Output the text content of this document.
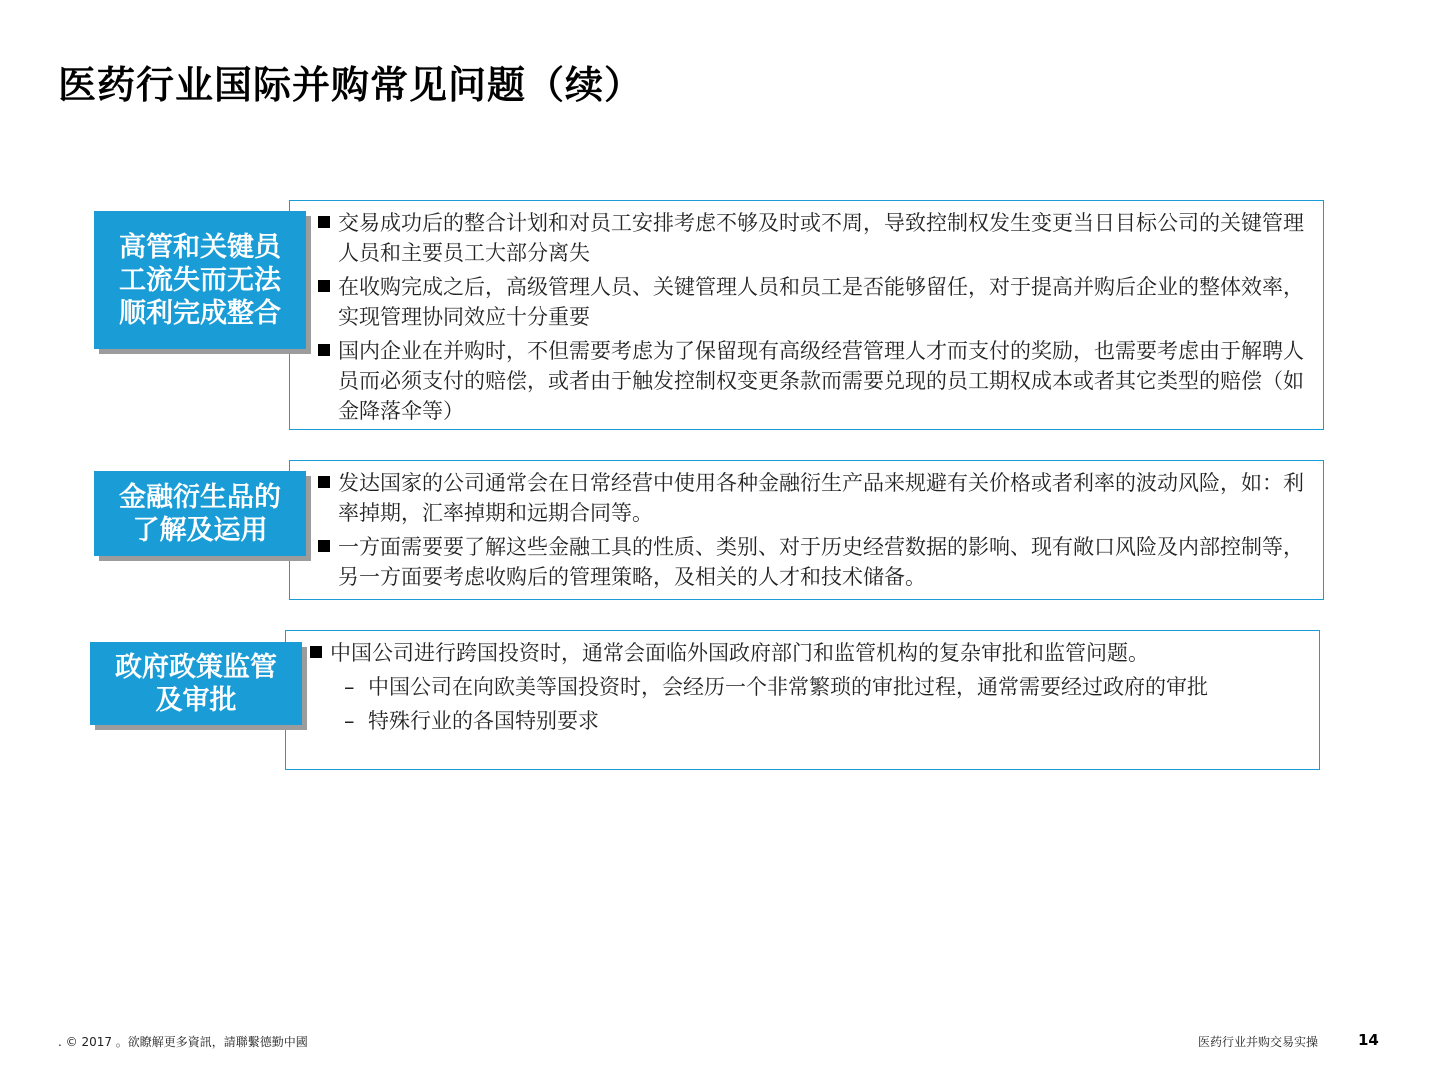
医药行业国际并购常见问题（续）
高管和关键员
工流失而无法
顺利完成整合
交易成功后的整合计划和对员工安排考虑不够及时或不周，导致控制权发生变更当日目标公司的关键管理人员和主要员工大部分离失
在收购完成之后，高级管理人员、关键管理人员和员工是否能够留任，对于提高并购后企业的整体效率，实现管理协同效应十分重要
国内企业在并购时，不但需要考虑为了保留现有高级经营管理人才而支付的奖励，也需要考虑由于解聘人员而必须支付的赔偿，或者由于触发控制权变更条款而需要兑现的员工期权成本或者其它类型的赔偿（如金降落伞等）
金融衍生品的
了解及运用
发达国家的公司通常会在日常经营中使用各种金融衍生产品来规避有关价格或者利率的波动风险，如：利率掉期，汇率掉期和远期合同等。
一方面需要要了解这些金融工具的性质、类别、对于历史经营数据的影响、现有敞口风险及内部控制等，另一方面要考虑收购后的管理策略，及相关的人才和技术储备。
政府政策监管
及审批
中国公司进行跨国投资时，通常会面临外国政府部门和监管机构的复杂审批和监管问题。
– 中国公司在向欧美等国投资时，会经历一个非常繁琐的审批过程，通常需要经过政府的审批
– 特殊行业的各国特别要求
. © 2017 。欲瞭解更多資訊，請聯繫德勤中國	医药行业并购交易实操	14
